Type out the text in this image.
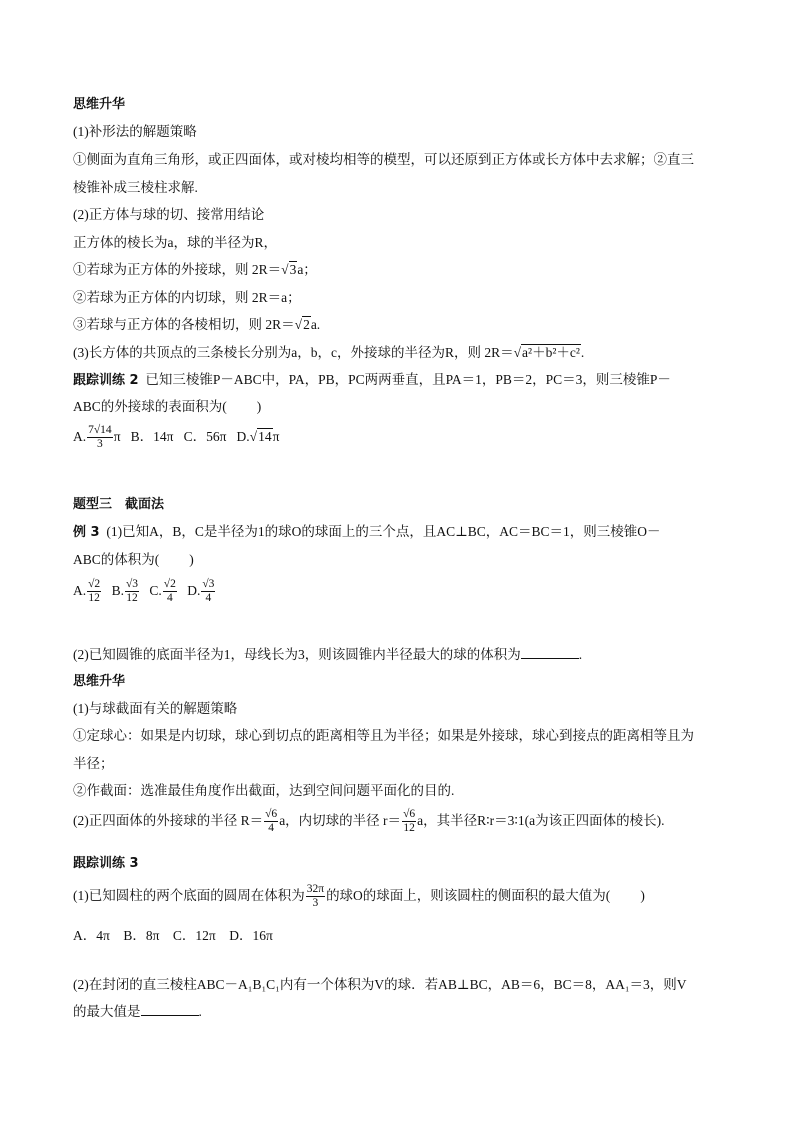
思维升华
(1)补形法的解题策略
①侧面为直角三角形，或正四面体，或对棱均相等的模型，可以还原到正方体或长方体中去求解；②直三
棱锥补成三棱柱求解.
(2)正方体与球的切、接常用结论
正方体的棱长为a，球的半径为R，
①若球为正方体的外接球，则 2R＝√3a；
②若球为正方体的内切球，则 2R＝a；
③若球与正方体的各棱相切，则 2R＝√2a.
(3)长方体的共顶点的三条棱长分别为a，b，c，外接球的半径为R，则 2R＝√a²＋b²＋c².
跟踪训练 2 已知三棱锥P－ABC中，PA，PB，PC两两垂直，且PA＝1，PB＝2，PC＝3，则三棱锥P－
ABC的外接球的表面积为( )
A. $\frac{7√14}{3}$ π B．14π C．56π D.√14π
题型三　截面法
例 3 (1)已知A，B，C是半径为1的球O的球面上的三个点，且AC⊥BC，AC＝BC＝1，则三棱锥O－
ABC的体积为( )
A. $\frac{√2}{12} B$. $\frac{√3}{12} C$. $\frac{√2}{4} D$. $\frac{√3}{4}$
(2)已知圆锥的底面半径为1，母线长为3，则该圆锥内半径最大的球的体积为	.
思维升华
(1)与球截面有关的解题策略
①定球心：如果是内切球，球心到切点的距离相等且为半径；如果是外接球，球心到接点的距离相等且为
半径；
②作截面：选准最佳角度作出截面，达到空间问题平面化的目的.
(2)正四面体的外接球的半径 $R= \frac{√6}{4}$ a，内切球的半径 $r= \frac{√6}{12}$ a，其半径R∶r＝3∶1(a为该正四面体的棱长).
跟踪训练 3
(1)已知圆柱的两个底面的圆周在体积为 $\frac{32\pi}{3}$ 的球O的球面上，则该圆柱的侧面积的最大值为( )
A．4π　B．8π　C．12π　D．16π
(2)在封闭的直三棱柱ABC－A₁B₁C₁内有一个体积为V的球．若AB⊥BC，AB＝6，BC＝8，AA₁＝3，则V
的最大值是	.
